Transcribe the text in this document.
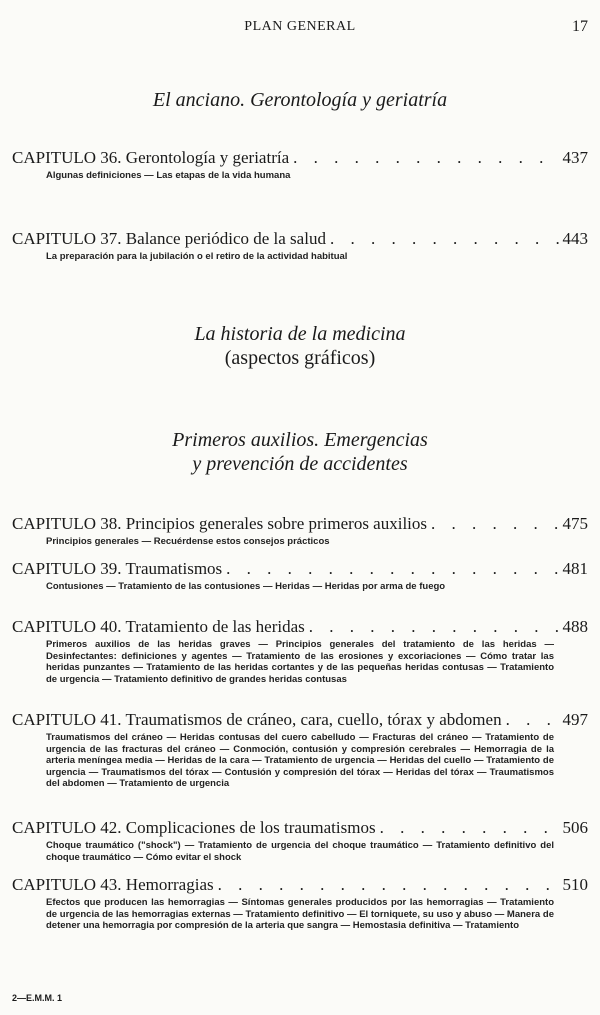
PLAN GENERAL	17
El anciano. Gerontología y geriatría
CAPITULO 36. Gerontología y geriatría . . .	437
Algunas definiciones — Las etapas de la vida humana
CAPITULO 37. Balance periódico de la salud . . .	443
La preparación para la jubilación o el retiro de la actividad habitual
La historia de la medicina
(aspectos gráficos)
Primeros auxilios. Emergencias
y prevención de accidentes
CAPITULO 38. Principios generales sobre primeros auxilios . . .	475
Principios generales — Recuérdense estos consejos prácticos
CAPITULO 39. Traumatismos . . .	481
Contusiones — Tratamiento de las contusiones — Heridas — Heridas por arma de fuego
CAPITULO 40. Tratamiento de las heridas . . .	488
Primeros auxilios de las heridas graves — Principios generales del tratamiento de las heridas — Desinfectantes: definiciones y agentes — Tratamiento de las erosiones y excoriaciones — Cómo tratar las heridas punzantes — Tratamiento de las heridas cortantes y de las pequeñas heridas contusas — Tratamiento de urgencia — Tratamiento definitivo de grandes heridas contusas
CAPITULO 41. Traumatismos de cráneo, cara, cuello, tórax y abdomen . . .	497
Traumatismos del cráneo — Heridas contusas del cuero cabelludo — Fracturas del cráneo — Tratamiento de urgencia de las fracturas del cráneo — Conmoción, contusión y compresión cerebrales — Hemorragia de la arteria meníngea media — Heridas de la cara — Tratamiento de urgencia — Heridas del cuello — Tratamiento de urgencia — Traumatismos del tórax — Contusión y compresión del tórax — Heridas del tórax — Traumatismos del abdomen — Tratamiento de urgencia
CAPITULO 42. Complicaciones de los traumatismos . . .	506
Choque traumático ("shock") — Tratamiento de urgencia del choque traumático — Tratamiento definitivo del choque traumático — Cómo evitar el shock
CAPITULO 43. Hemorragias . . .	510
Efectos que producen las hemorragias — Síntomas generales producidos por las hemorragias — Tratamiento de urgencia de las hemorragias externas — Tratamiento definitivo — El torniquete, su uso y abuso — Manera de detener una hemorragia por compresión de la arteria que sangra — Hemostasia definitiva — Tratamiento
2—E.M.M. 1
